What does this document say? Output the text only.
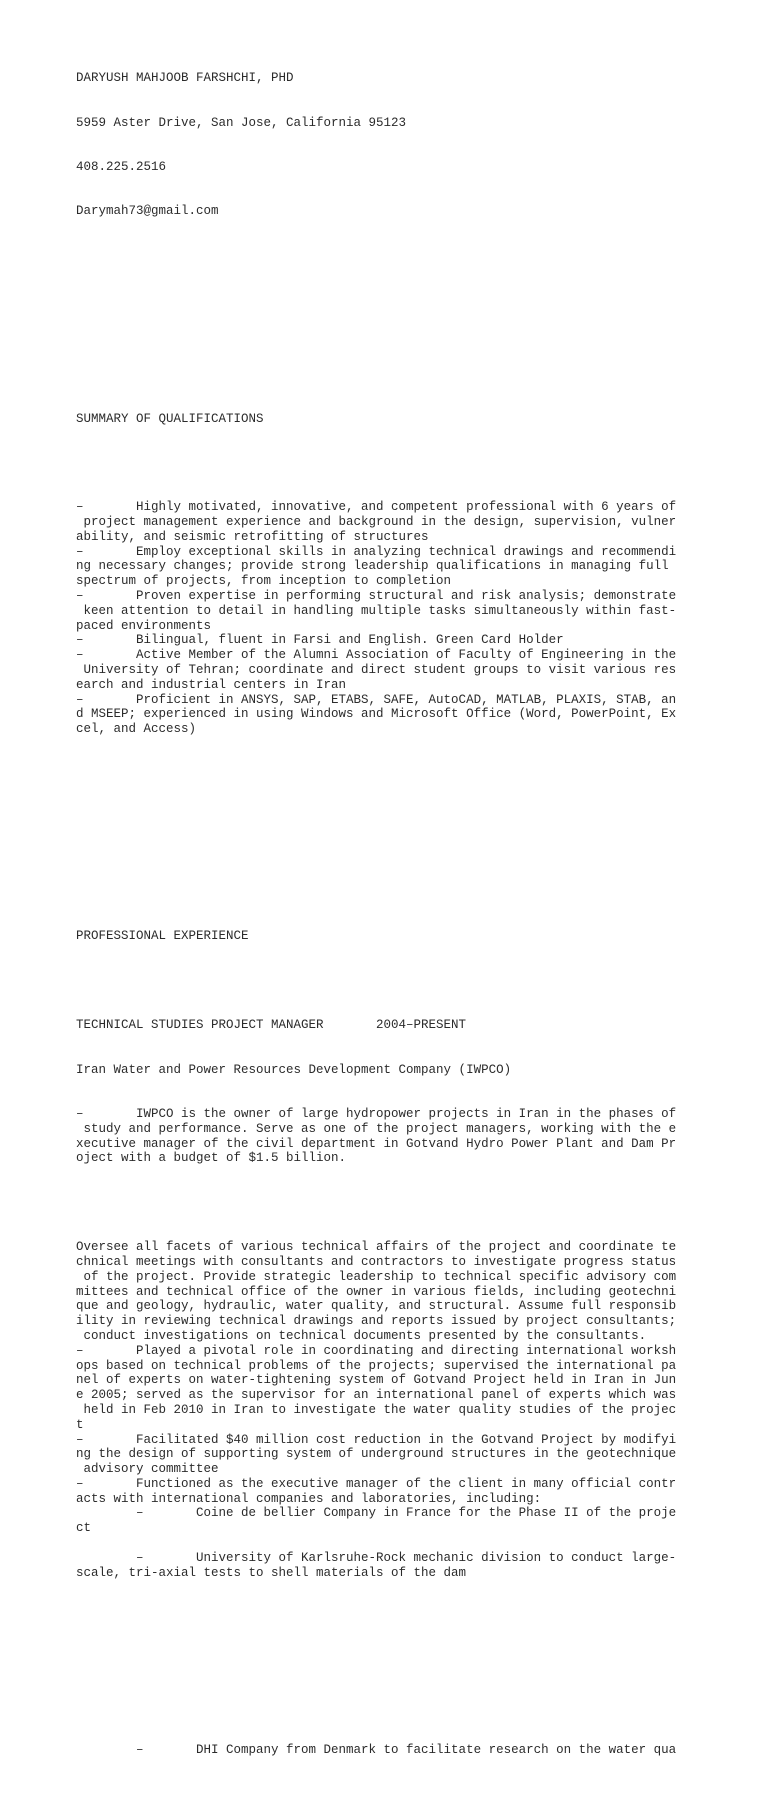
DARYUSH MAHJOOB FARSHCHI, PHD

5959 Aster Drive, San Jose, California 95123

408.225.2516

Darymah73@gmail.com

SUMMARY OF QUALIFICATIONS

–       Highly motivated, innovative, and competent professional with 6 years of
project management experience and background in the design, supervision, vulner
ability, and seismic retrofitting of structures
–       Employ exceptional skills in analyzing technical drawings and recommendi
ng necessary changes; provide strong leadership qualifications in managing full
spectrum of projects, from inception to completion
–       Proven expertise in performing structural and risk analysis; demonstrate
keen attention to detail in handling multiple tasks simultaneously within fast-
paced environments
–       Bilingual, fluent in Farsi and English. Green Card Holder
–       Active Member of the Alumni Association of Faculty of Engineering in the
University of Tehran; coordinate and direct student groups to visit various res
earch and industrial centers in Iran
–       Proficient in ANSYS, SAP, ETABS, SAFE, AutoCAD, MATLAB, PLAXIS, STAB, an
d MSEEP; experienced in using Windows and Microsoft Office (Word, PowerPoint, Ex
cel, and Access)

PROFESSIONAL EXPERIENCE

TECHNICAL STUDIES PROJECT MANAGER       2004–PRESENT

Iran Water and Power Resources Development Company (IWPCO)

–       IWPCO is the owner of large hydropower projects in Iran in the phases of
study and performance. Serve as one of the project managers, working with the e
xecutive manager of the civil department in Gotvand Hydro Power Plant and Dam Pr
oject with a budget of $1.5 billion.

Oversee all facets of various technical affairs of the project and coordinate te
chnical meetings with consultants and contractors to investigate progress status
of the project. Provide strategic leadership to technical specific advisory com
mittees and technical office of the owner in various fields, including geotechni
que and geology, hydraulic, water quality, and structural. Assume full responsib
ility in reviewing technical drawings and reports issued by project consultants;
conduct investigations on technical documents presented by the consultants.
–       Played a pivotal role in coordinating and directing international worksh
ops based on technical problems of the projects; supervised the international pa
nel of experts on water-tightening system of Gotvand Project held in Iran in Jun
e 2005; served as the supervisor for an international panel of experts which was
held in Feb 2010 in Iran to investigate the water quality studies of the projec
t
–       Facilitated $40 million cost reduction in the Gotvand Project by modifyi
ng the design of supporting system of underground structures in the geotechnique
advisory committee
–       Functioned as the executive manager of the client in many official contr
acts with international companies and laboratories, including:
–       Coine de bellier Company in France for the Phase II of the proje
ct
–       University of Karlsruhe-Rock mechanic division to conduct large-
scale, tri-axial tests to shell materials of the dam

–       DHI Company from Denmark to facilitate research on the water qua
